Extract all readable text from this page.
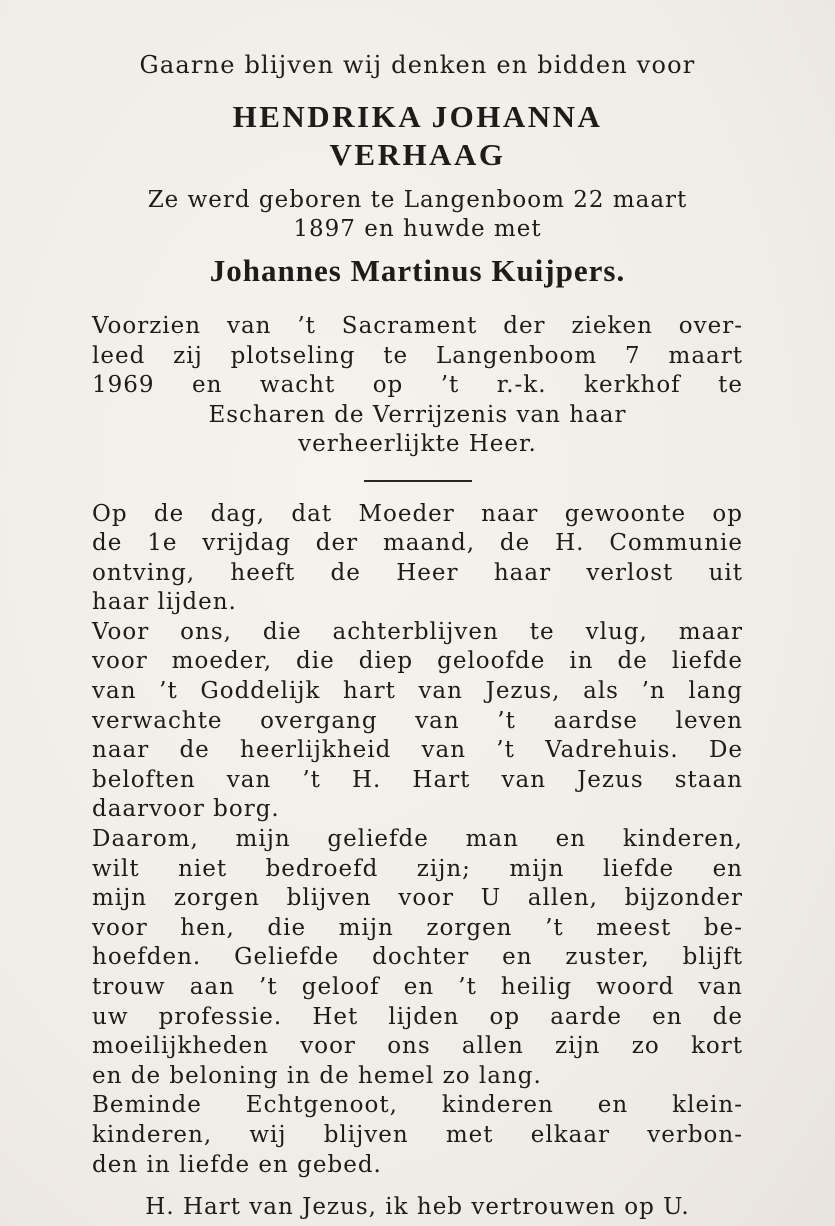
Gaarne blijven wij denken en bidden voor

HENDRIKA JOHANNA

VERHAAG

Ze werd geboren te Langenboom 22 maart

1897 en huwde met

Johannes Martinus Kuijpers.

Voorzien van ’t Sacrament der zieken over-
leed zij plotseling te Langenboom 7 maart
1969 en wacht op ’t r.-k. kerkhof te
Escharen de Verrijzenis van haar
verheerlijkte Heer.
Op de dag, dat Moeder naar gewoonte op
de 1e vrijdag der maand, de H. Communie
ontving, heeft de Heer haar verlost uit
haar lijden.
Voor ons, die achterblijven te vlug, maar
voor moeder, die diep geloofde in de liefde
van ’t Goddelijk hart van Jezus, als ’n lang
verwachte overgang van ’t aardse leven
naar de heerlijkheid van ’t Vadrehuis. De
beloften van ’t H. Hart van Jezus staan
daarvoor borg.
Daarom, mijn geliefde man en kinderen,
wilt niet bedroefd zijn; mijn liefde en
mijn zorgen blijven voor U allen, bijzonder
voor hen, die mijn zorgen ’t meest be-
hoefden. Geliefde dochter en zuster, blijft
trouw aan ’t geloof en ’t heilig woord van
uw professie. Het lijden op aarde en de
moeilijkheden voor ons allen zijn zo kort
en de beloning in de hemel zo lang.
Beminde Echtgenoot, kinderen en klein-
kinderen, wij blijven met elkaar verbon-
den in liefde en gebed.

H. Hart van Jezus, ik heb vertrouwen op U.
